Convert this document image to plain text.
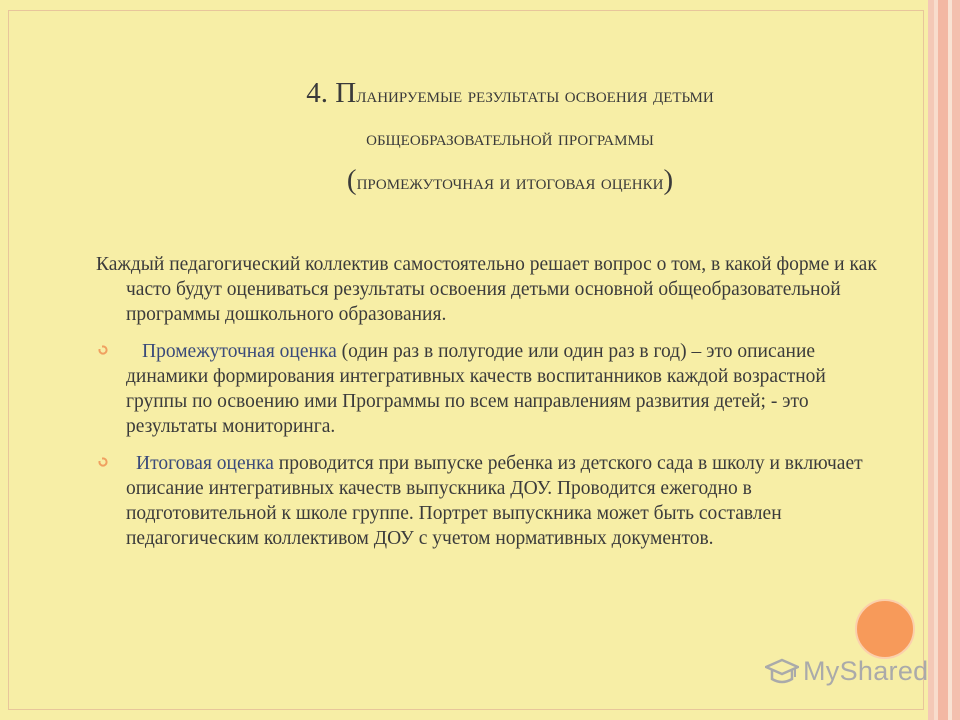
4. Планируемые результаты освоения детьми
общеобразовательной программы
(промежуточная и итоговая оценки)

Каждый педагогический коллектив самостоятельно решает вопрос о том, в какой форме и как часто будут оцениваться результаты освоения детьми основной общеобразовательной программы дошкольного образования.

Промежуточная оценка (один раз в полугодие или один раз в год) – это описание динамики формирования интегративных качеств воспитанников каждой возрастной группы по освоению ими Программы по всем направлениям развития детей; - это результаты мониторинга.
Итоговая оценка проводится при выпуске ребенка из детского сада в школу и включает описание интегративных качеств выпускника ДОУ. Проводится ежегодно в подготовительной к школе группе. Портрет выпускника может быть составлен педагогическим коллективом ДОУ с учетом нормативных документов.
MyShared
